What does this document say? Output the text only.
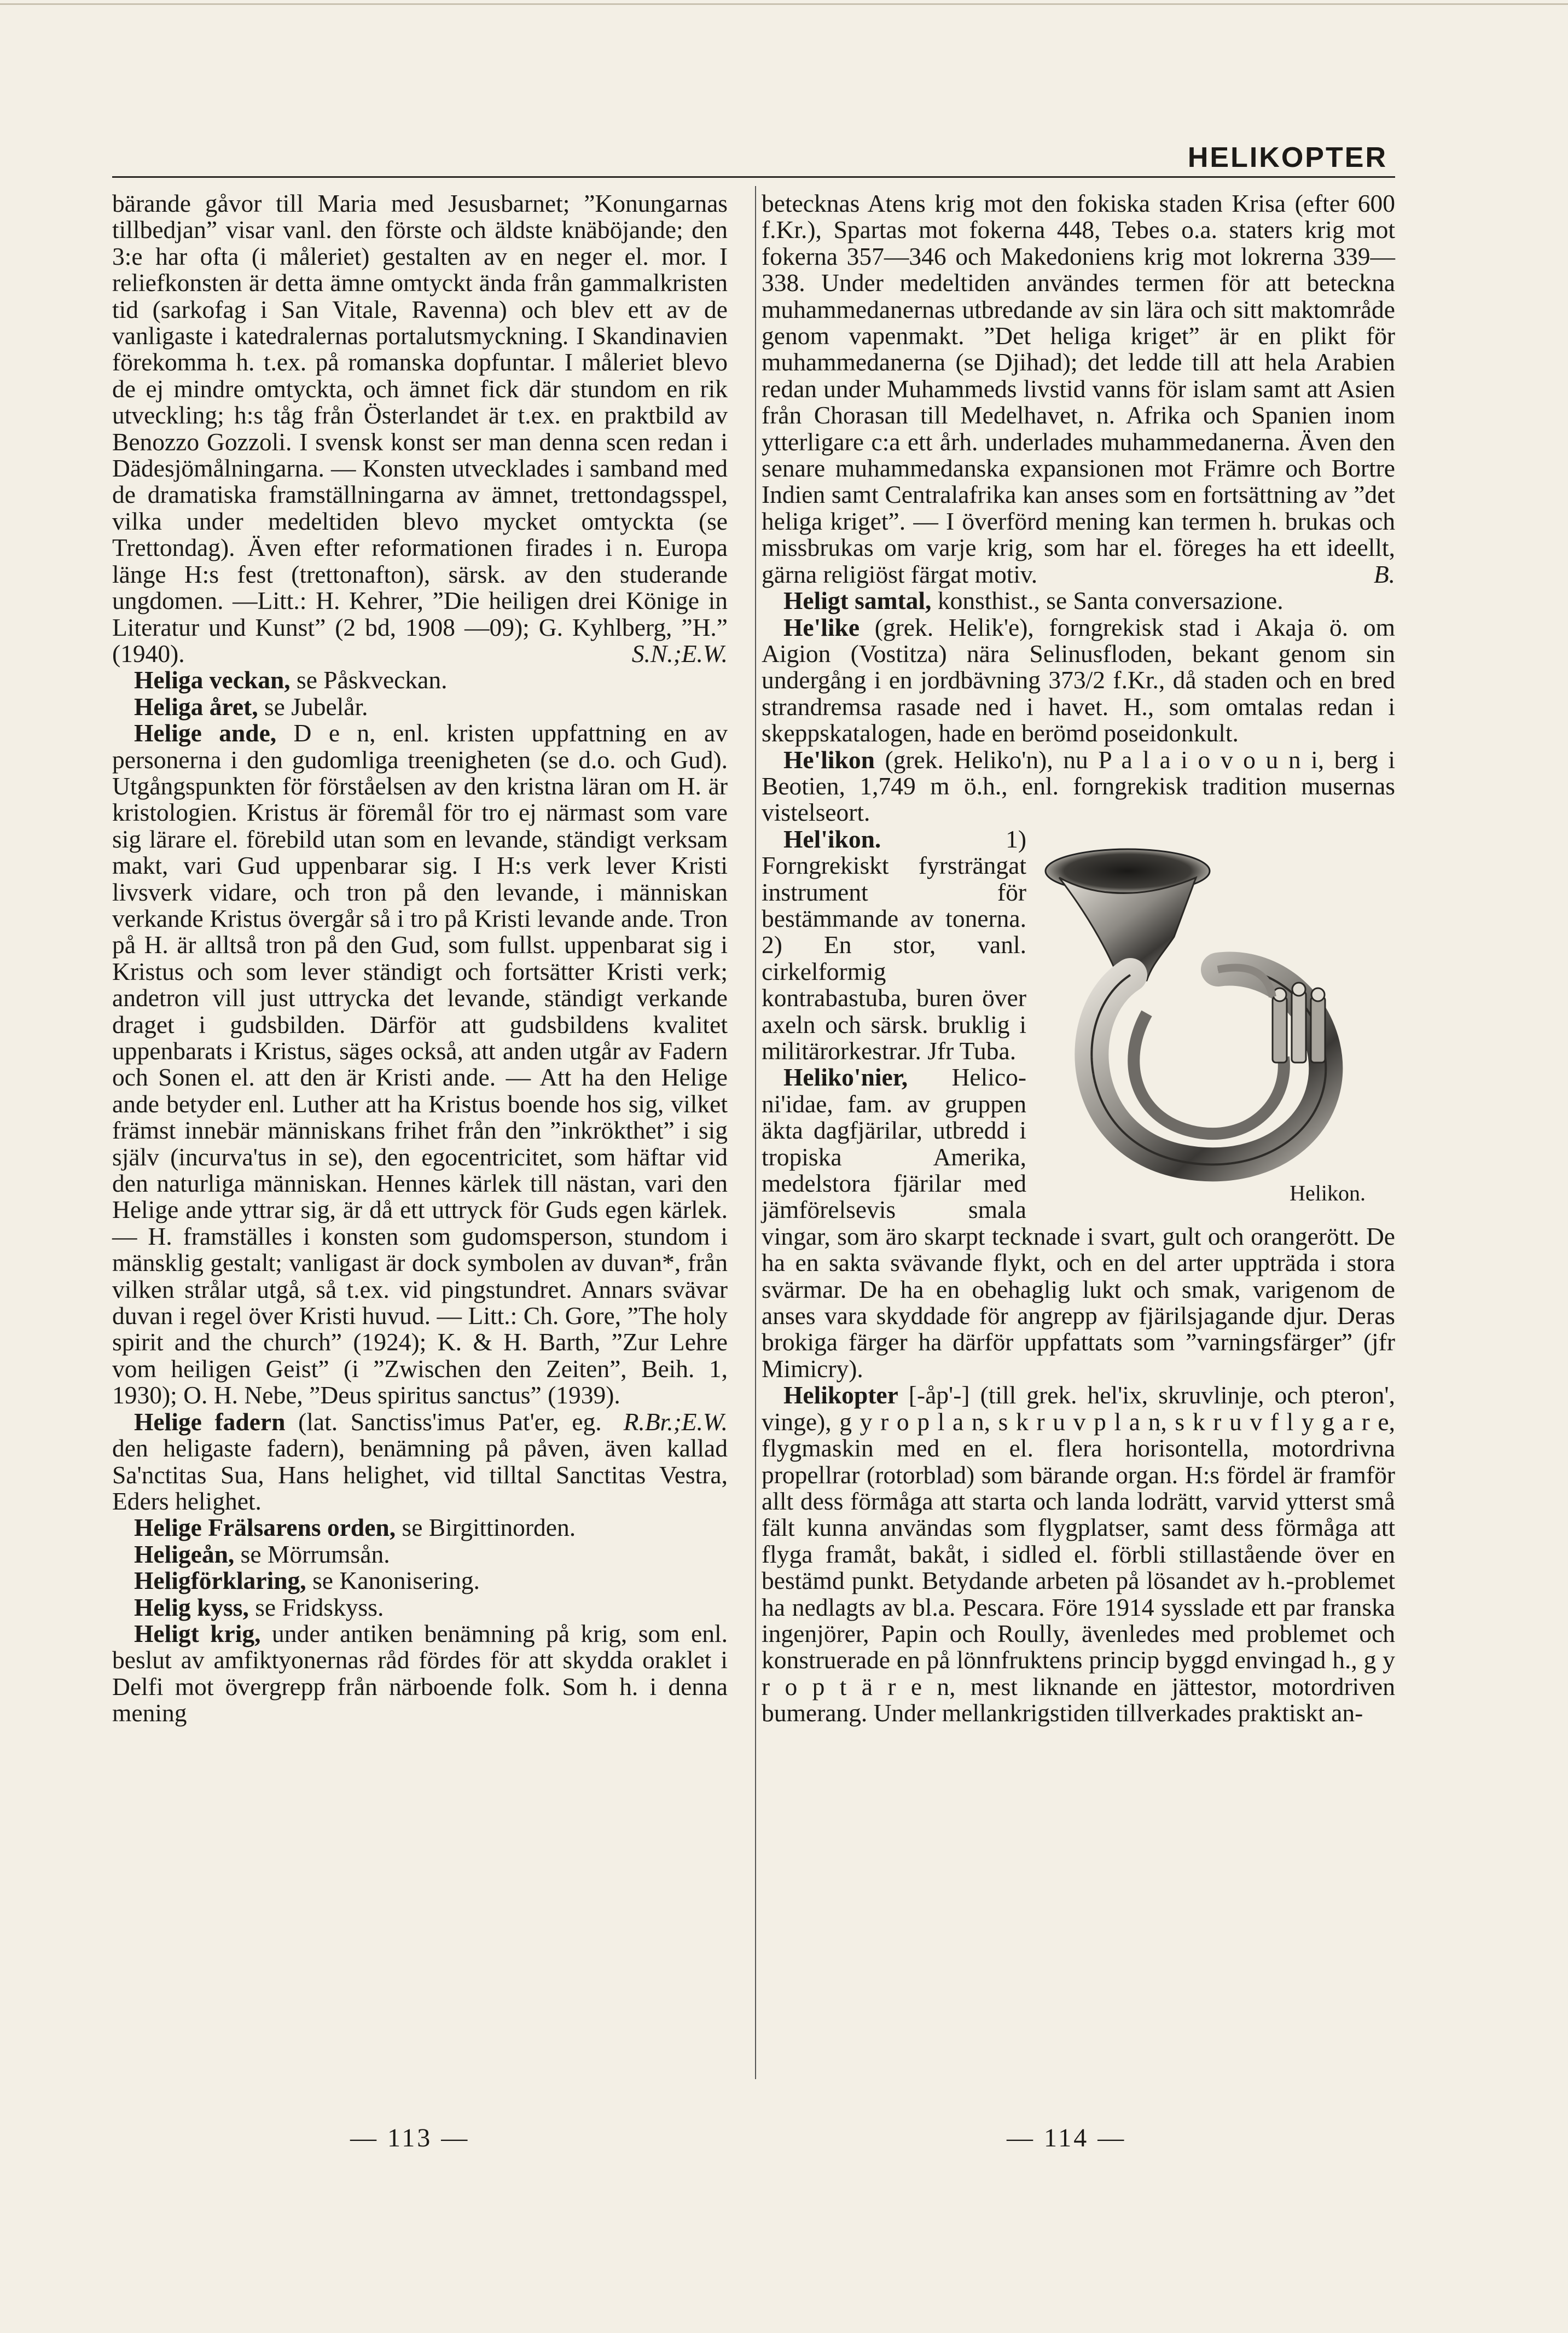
HELIKOPTER

bärande gåvor till Maria med Jesusbarnet; ”Konungarnas tillbedjan” visar vanl. den förste och äldste knäböjande; den 3:e har ofta (i måleriet) gestalten av en neger el. mor. I reliefkonsten är detta ämne omtyckt ända från gammalkristen tid (sarkofag i San Vitale, Ravenna) och blev ett av de vanligaste i katedralernas portalutsmyckning. I Skandinavien förekomma h. t.ex. på romanska dopfuntar. I måleriet blevo de ej mindre omtyckta, och ämnet fick där stundom en rik utveckling; h:s tåg från Österlandet är t.ex. en praktbild av Benozzo Gozzoli. I svensk konst ser man denna scen redan i Dädesjömålningarna. — Konsten utvecklades i samband med de dramatiska framställningarna av ämnet, trettondagsspel, vilka under medeltiden blevo mycket omtyckta (se Trettondag). Även efter reformationen firades i n. Europa länge H:s fest (trettonafton), särsk. av den studerande ungdomen. —Litt.: H. Kehrer, ”Die heiligen drei Könige in Literatur und Kunst” (2 bd, 1908 —09); G. Kyhlberg, ”H.” (1940).	S.N.;E.W.

Heliga veckan, se Påskveckan.

Heliga året, se Jubelår.

Helige ande, D e n, enl. kristen uppfattning en av personerna i den gudomliga treenigheten (se d.o. och Gud). Utgångspunkten för förståelsen av den kristna läran om H. är kristologien. Kristus är föremål för tro ej närmast som vare sig lärare el. förebild utan som en levande, ständigt verksam makt, vari Gud uppenbarar sig. I H:s verk lever Kristi livsverk vidare, och tron på den levande, i människan verkande Kristus övergår så i tro på Kristi levande ande. Tron på H. är alltså tron på den Gud, som fullst. uppenbarat sig i Kristus och som lever ständigt och fortsätter Kristi verk; andetron vill just uttrycka det levande, ständigt verkande draget i gudsbilden. Därför att gudsbildens kvalitet uppenbarats i Kristus, säges också, att anden utgår av Fadern och Sonen el. att den är Kristi ande. — Att ha den Helige ande betyder enl. Luther att ha Kristus boende hos sig, vilket främst innebär människans frihet från den ”inkrökthet” i sig själv (incurva'tus in se), den egocentricitet, som häftar vid den naturliga människan. Hennes kärlek till nästan, vari den Helige ande yttrar sig, är då ett uttryck för Guds egen kärlek. — H. framställes i konsten som gudomsperson, stundom i mänsklig gestalt; vanligast är dock symbolen av duvan*, från vilken strålar utgå, så t.ex. vid pingstundret. Annars svävar duvan i regel över Kristi huvud. — Litt.: Ch. Gore, ”The holy spirit and the church” (1924); K. & H. Barth, ”Zur Lehre vom heiligen Geist” (i ”Zwischen den Zeiten”, Beih. 1, 1930); O. H. Nebe, ”Deus spiritus sanctus” (1939).
R.Br.;E.W.

Helige fadern (lat. Sanctiss'imus Pat'er, eg. den heligaste fadern), benämning på påven, även kallad Sa'nctitas Sua, Hans helighet, vid tilltal Sanctitas Vestra, Eders helighet.

Helige Frälsarens orden, se Birgittinorden.

Heligeån, se Mörrumsån.

Heligförklaring, se Kanonisering.

Helig kyss, se Fridskyss.

Heligt krig, under antiken benämning på krig, som enl. beslut av amfiktyonernas råd fördes för att skydda oraklet i Delfi mot övergrepp från närboende folk. Som h. i denna mening

betecknas Atens krig mot den fokiska staden Krisa (efter 600 f.Kr.), Spartas mot fokerna 448, Tebes o.a. staters krig mot fokerna 357—346 och Makedoniens krig mot lokrerna 339—338. Under medeltiden användes termen för att beteckna muhammedanernas utbredande av sin lära och sitt maktområde genom vapenmakt. ”Det heliga kriget” är en plikt för muhammedanerna (se Djihad); det ledde till att hela Arabien redan under Muhammeds livstid vanns för islam samt att Asien från Chorasan till Medelhavet, n. Afrika och Spanien inom ytterligare c:a ett årh. underlades muhammedanerna. Även den senare muhammedanska expansionen mot Främre och Bortre Indien samt Centralafrika kan anses som en fortsättning av ”det heliga kriget”. — I överförd mening kan termen h. brukas och missbrukas om varje krig, som har el. föreges ha ett ideellt, gärna religiöst färgat motiv.	B.

Heligt samtal, konsthist., se Santa conversazione.

He'like (grek. Helik'e), forngrekisk stad i Akaja ö. om Aigion (Vostitza) nära Selinusfloden, bekant genom sin undergång i en jordbävning 373/2 f.Kr., då staden och en bred strandremsa rasade ned i havet. H., som omtalas redan i skeppskatalogen, hade en berömd poseidonkult.

He'likon (grek. Heliko'n), nu P a l a i o v o u n i, berg i Beotien, 1,749 m ö.h., enl. forngrekisk tradition musernas vistelseort.

Helikon.

Hel'ikon. 1) Forngrekiskt fyrsträngat instrument för bestämmande av tonerna. 2) En stor, vanl. cirkelformig kontrabastuba, buren över axeln och särsk. bruklig i militärorkestrar. Jfr Tuba.

Heliko'nier, Helico-ni'idae, fam. av gruppen äkta dagfjärilar, utbredd i tropiska Amerika, medelstora fjärilar med jämförelsevis smala vingar, som äro skarpt tecknade i svart, gult och orangerött. De ha en sakta svävande flykt, och en del arter uppträda i stora svärmar. De ha en obehaglig lukt och smak, varigenom de anses vara skyddade för angrepp av fjärilsjagande djur. Deras brokiga färger ha därför uppfattats som ”varningsfärger” (jfr Mimicry).

Helikopter [-åp'-] (till grek. hel'ix, skruvlinje, och pteron', vinge), g y r o p l a n, s k r u v p l a n, s k r u v f l y g a r e, flygmaskin med en el. flera horisontella, motordrivna propellrar (rotorblad) som bärande organ. H:s fördel är framför allt dess förmåga att starta och landa lodrätt, varvid ytterst små fält kunna användas som flygplatser, samt dess förmåga att flyga framåt, bakåt, i sidled el. förbli stillastående över en bestämd punkt. Betydande arbeten på lösandet av h.-problemet ha nedlagts av bl.a. Pescara. Före 1914 sysslade ett par franska ingenjörer, Papin och Roully, ävenledes med problemet och konstruerade en på lönnfruktens princip byggd envingad h., g y r o p t ä r e n, mest liknande en jättestor, motordriven bumerang. Under mellankrigstiden tillverkades praktiskt an-

— 113 —	— 114 —
